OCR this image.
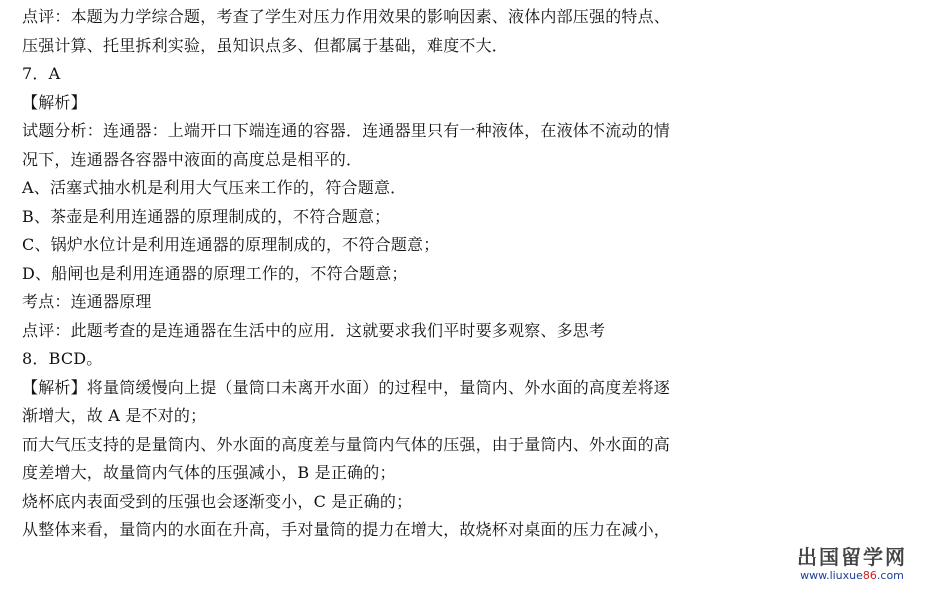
点评：本题为力学综合题，考查了学生对压力作用效果的影响因素、液体内部压强的特点、
压强计算、托里拆利实验，虽知识点多、但都属于基础，难度不大．
7．A
【解析】
试题分析：连通器：上端开口下端连通的容器．连通器里只有一种液体，在液体不流动的情
况下，连通器各容器中液面的高度总是相平的．
A、活塞式抽水机是利用大气压来工作的，符合题意．
B、茶壶是利用连通器的原理制成的，不符合题意；
C、锅炉水位计是利用连通器的原理制成的，不符合题意；
D、船闸也是利用连通器的原理工作的，不符合题意；
考点：连通器原理
点评：此题考查的是连通器在生活中的应用．这就要求我们平时要多观察、多思考
8．BCD。
【解析】将量筒缓慢向上提（量筒口未离开水面）的过程中，量筒内、外水面的高度差将逐
渐增大，故 A 是不对的；
而大气压支持的是量筒内、外水面的高度差与量筒内气体的压强，由于量筒内、外水面的高
度差增大，故量筒内气体的压强减小，B 是正确的；
烧杯底内表面受到的压强也会逐渐变小，C 是正确的；
从整体来看，量筒内的水面在升高，手对量筒的提力在增大，故烧杯对桌面的压力在减小，
出国留学网
www.liuxue86.com
